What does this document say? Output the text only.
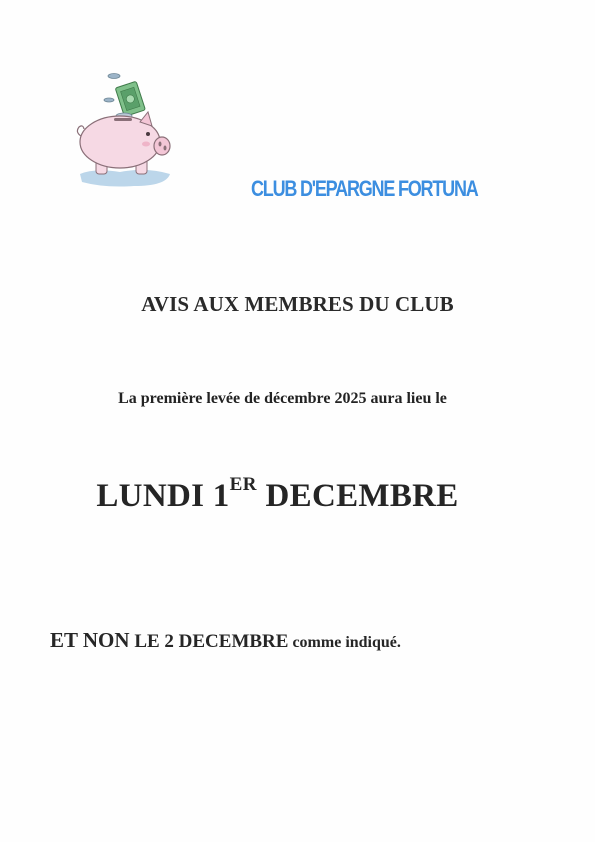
CLUB D'EPARGNE FORTUNA
AVIS AUX MEMBRES DU CLUB
La première levée de décembre 2025 aura lieu le
LUNDI 1ER DECEMBRE
ET NON LE 2 DECEMBRE comme indiqué.
